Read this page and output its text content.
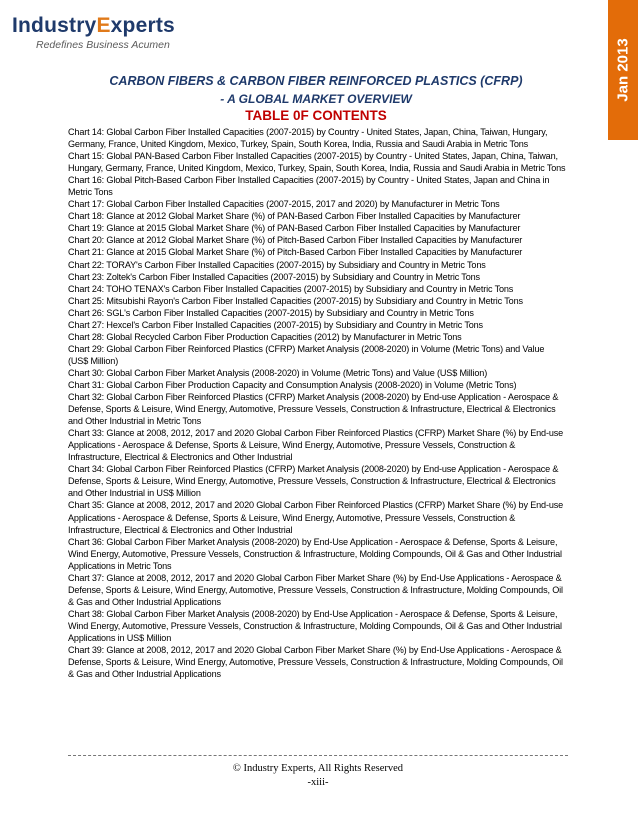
IndustryExperts
Redefines Business Acumen	Jan 2013
CARBON FIBERS & CARBON FIBER REINFORCED PLASTICS (CFRP)
- A GLOBAL MARKET OVERVIEW
TABLE 0F CONTENTS

Chart 14: Global Carbon Fiber Installed Capacities (2007-2015) by Country - United States, Japan, China, Taiwan, Hungary, Germany, France, United Kingdom, Mexico, Turkey, Spain, South Korea, India, Russia and Saudi Arabia in Metric Tons

Chart 15: Global PAN-Based Carbon Fiber Installed Capacities (2007-2015) by Country - United States, Japan, China, Taiwan, Hungary, Germany, France, United Kingdom, Mexico, Turkey, Spain, South Korea, India, Russia and Saudi Arabia in Metric Tons

Chart 16: Global Pitch-Based Carbon Fiber Installed Capacities (2007-2015) by Country - United States, Japan and China in Metric Tons

Chart 17: Global Carbon Fiber Installed Capacities (2007-2015, 2017 and 2020) by Manufacturer in Metric Tons

Chart 18: Glance at 2012 Global Market Share (%) of PAN-Based Carbon Fiber Installed Capacities by Manufacturer

Chart 19: Glance at 2015 Global Market Share (%) of PAN-Based Carbon Fiber Installed Capacities by Manufacturer

Chart 20: Glance at 2012 Global Market Share (%) of Pitch-Based Carbon Fiber Installed Capacities by Manufacturer

Chart 21: Glance at 2015 Global Market Share (%) of Pitch-Based Carbon Fiber Installed Capacities by Manufacturer

Chart 22: TORAY's Carbon Fiber Installed Capacities (2007-2015) by Subsidiary and Country in Metric Tons

Chart 23: Zoltek's Carbon Fiber Installed Capacities (2007-2015) by Subsidiary and Country in Metric Tons

Chart 24: TOHO TENAX's Carbon Fiber Installed Capacities (2007-2015) by Subsidiary and Country in Metric Tons

Chart 25: Mitsubishi Rayon's Carbon Fiber Installed Capacities (2007-2015) by Subsidiary and Country in Metric Tons

Chart 26: SGL's Carbon Fiber Installed Capacities (2007-2015) by Subsidiary and Country in Metric Tons

Chart 27: Hexcel's Carbon Fiber Installed Capacities (2007-2015) by Subsidiary and Country in Metric Tons

Chart 28: Global Recycled Carbon Fiber Production Capacities (2012) by Manufacturer in Metric Tons

Chart 29: Global Carbon Fiber Reinforced Plastics (CFRP) Market Analysis (2008-2020) in Volume (Metric Tons) and Value (US$ Million)

Chart 30: Global Carbon Fiber Market Analysis (2008-2020) in Volume (Metric Tons) and Value (US$ Million)

Chart 31: Global Carbon Fiber Production Capacity and Consumption Analysis (2008-2020) in Volume (Metric Tons)

Chart 32: Global Carbon Fiber Reinforced Plastics (CFRP) Market Analysis (2008-2020) by End-use Application - Aerospace & Defense, Sports & Leisure, Wind Energy, Automotive, Pressure Vessels, Construction & Infrastructure, Electrical & Electronics and Other Industrial in Metric Tons

Chart 33: Glance at 2008, 2012, 2017 and 2020 Global Carbon Fiber Reinforced Plastics (CFRP) Market Share (%) by End-use Applications - Aerospace & Defense, Sports & Leisure, Wind Energy, Automotive, Pressure Vessels, Construction & Infrastructure, Electrical & Electronics and Other Industrial

Chart 34: Global Carbon Fiber Reinforced Plastics (CFRP) Market Analysis (2008-2020) by End-use Application - Aerospace & Defense, Sports & Leisure, Wind Energy, Automotive, Pressure Vessels, Construction & Infrastructure, Electrical & Electronics and Other Industrial in US$ Million

Chart 35: Glance at 2008, 2012, 2017 and 2020 Global Carbon Fiber Reinforced Plastics (CFRP) Market Share (%) by End-use Applications - Aerospace & Defense, Sports & Leisure, Wind Energy, Automotive, Pressure Vessels, Construction & Infrastructure, Electrical & Electronics and Other Industrial

Chart 36: Global Carbon Fiber Market Analysis (2008-2020) by End-Use Application - Aerospace & Defense, Sports & Leisure, Wind Energy, Automotive, Pressure Vessels, Construction & Infrastructure, Molding Compounds, Oil & Gas and Other Industrial Applications in Metric Tons

Chart 37: Glance at 2008, 2012, 2017 and 2020 Global Carbon Fiber Market Share (%) by End-Use Applications - Aerospace & Defense, Sports & Leisure, Wind Energy, Automotive, Pressure Vessels, Construction & Infrastructure, Molding Compounds, Oil & Gas and Other Industrial Applications

Chart 38: Global Carbon Fiber Market Analysis (2008-2020) by End-Use Application - Aerospace & Defense, Sports & Leisure, Wind Energy, Automotive, Pressure Vessels, Construction & Infrastructure, Molding Compounds, Oil & Gas and Other Industrial Applications in US$ Million

Chart 39: Glance at 2008, 2012, 2017 and 2020 Global Carbon Fiber Market Share (%) by End-Use Applications - Aerospace & Defense, Sports & Leisure, Wind Energy, Automotive, Pressure Vessels, Construction & Infrastructure, Molding Compounds, Oil & Gas and Other Industrial Applications

© Industry Experts, All Rights Reserved
-xiii-
